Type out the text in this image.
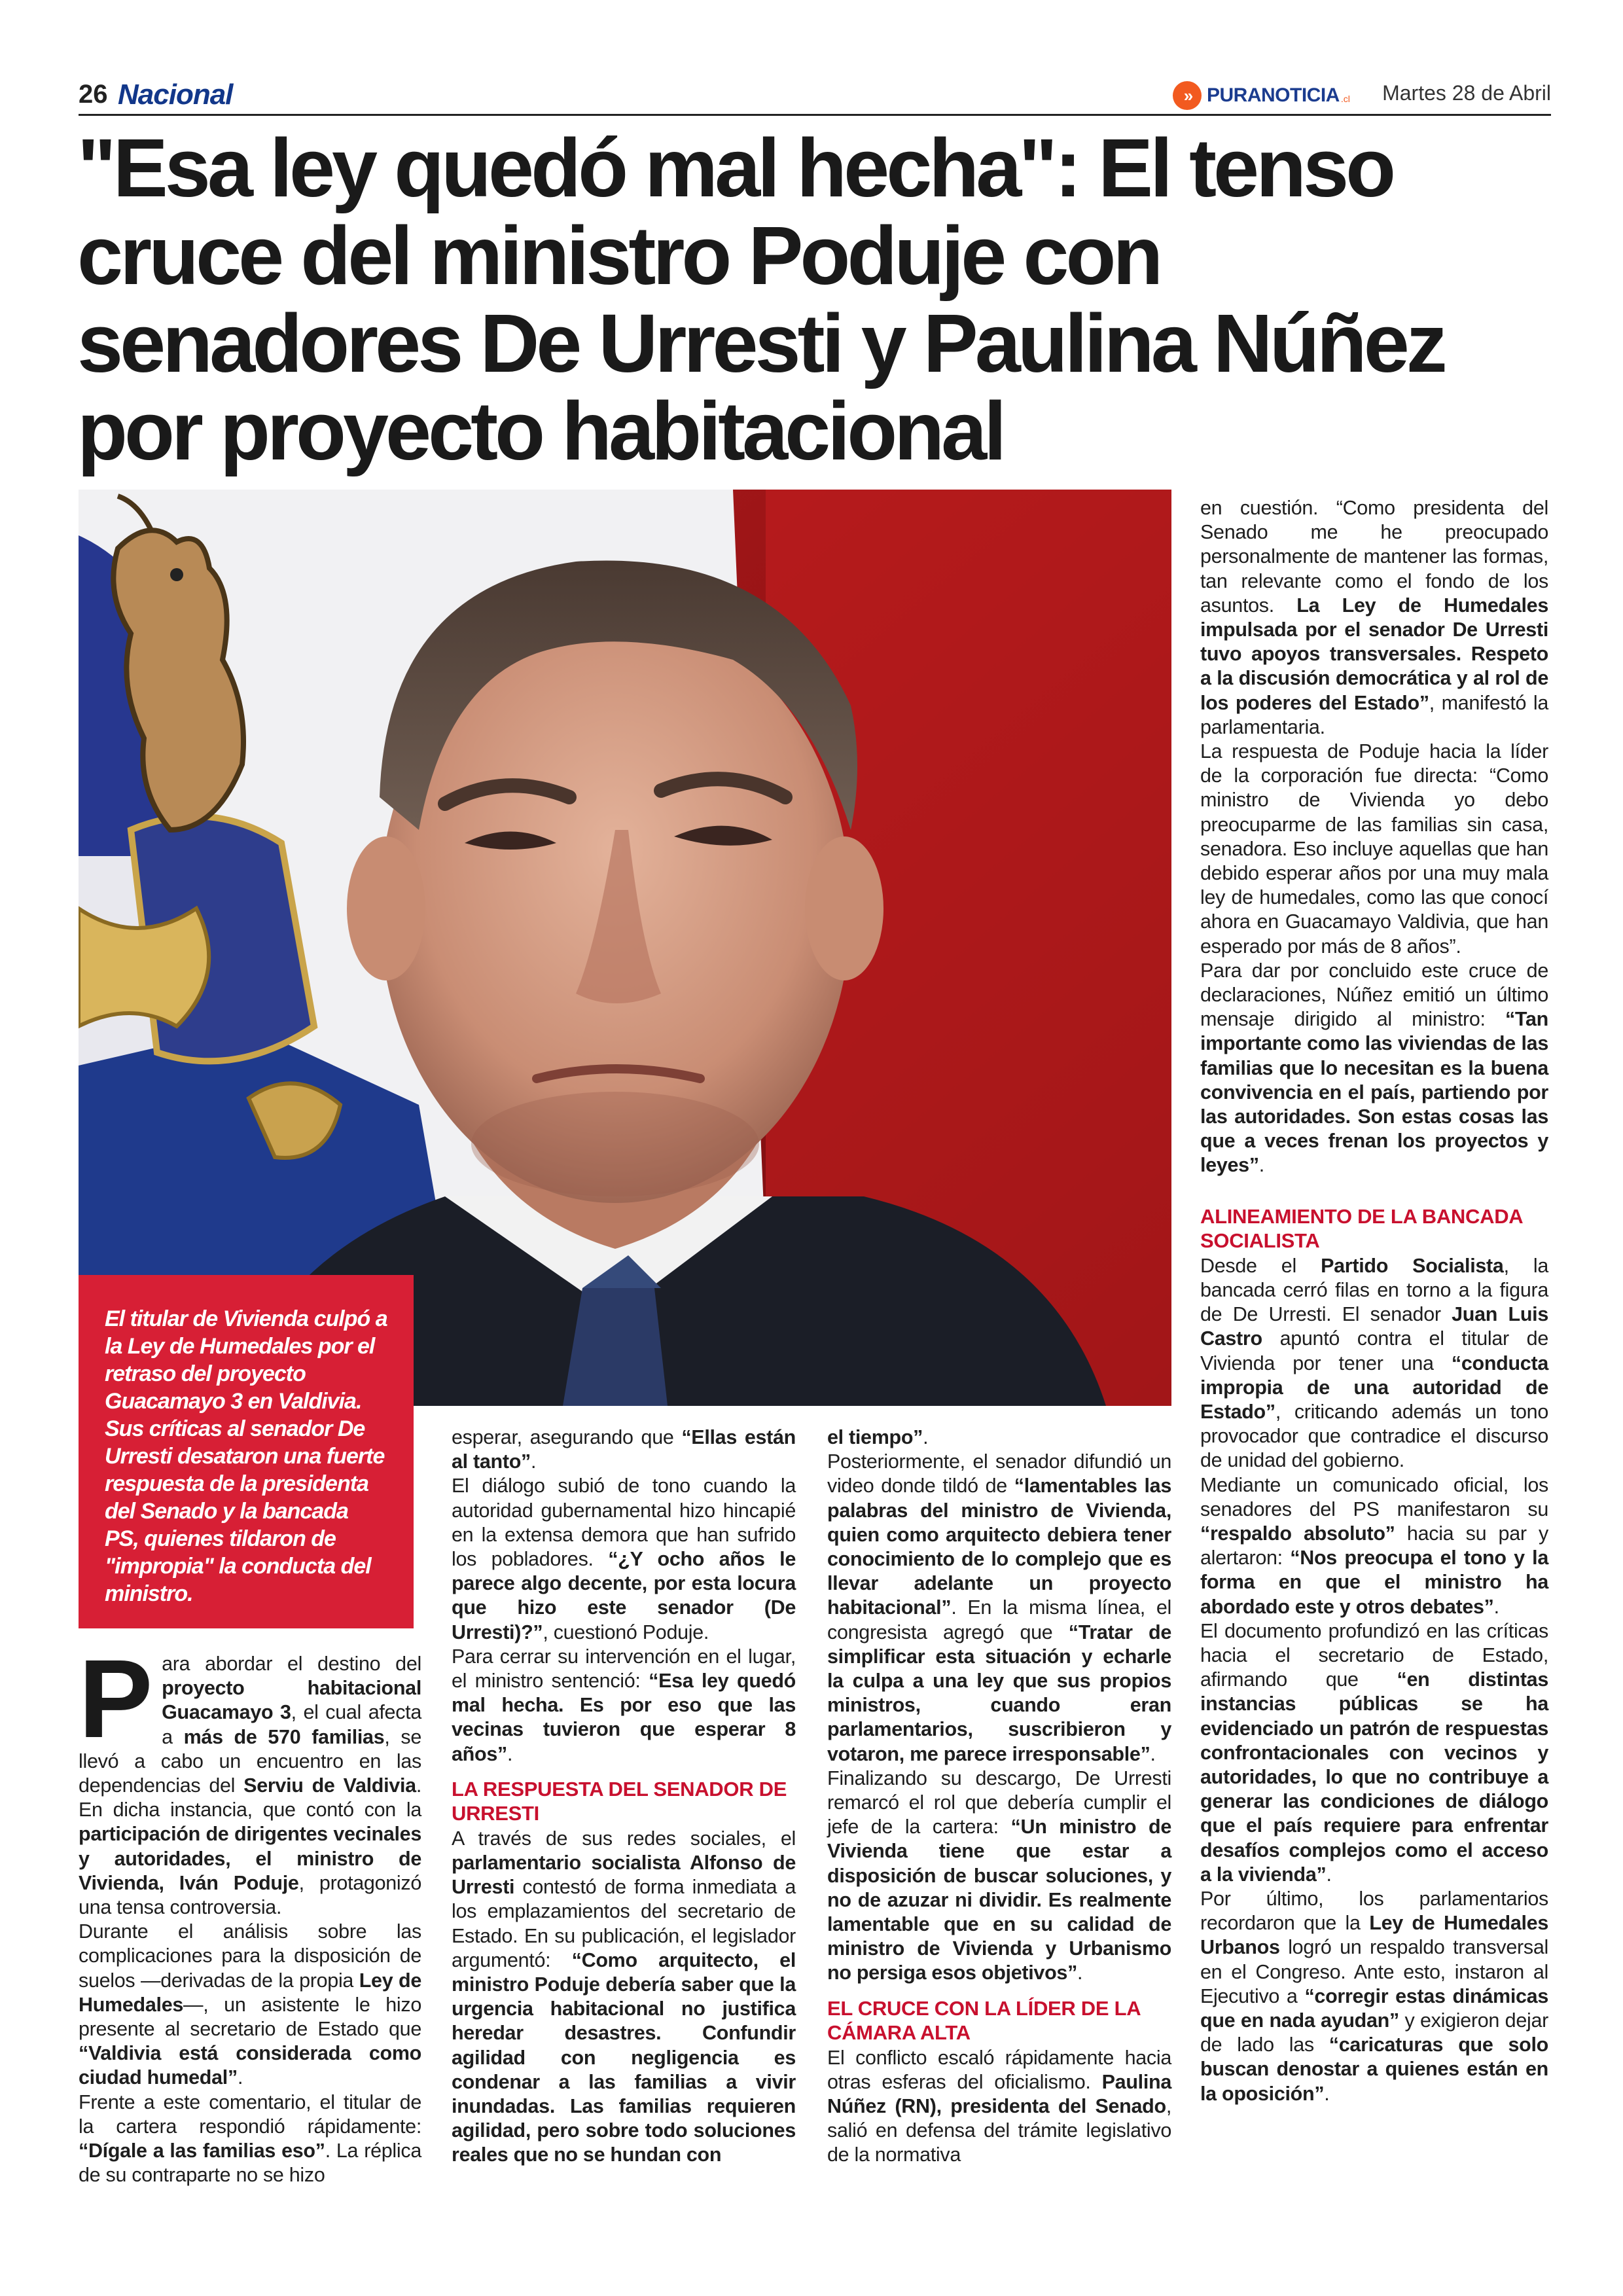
26 Nacional	» PURANOTICIA .cl Martes 28 de Abril
"Esa ley quedó mal hecha": El tenso cruce del ministro Poduje con senadores De Urresti y Paulina Núñez por proyecto habitacional

El titular de Vivienda culpó a la Ley de Humedales por el retraso del proyecto Guacamayo 3 en Valdivia. Sus críticas al senador De Urresti desataron una fuerte respuesta de la presidenta del Senado y la bancada PS, quienes tildaron de "impropia" la conducta del ministro.

Para abordar el destino del proyecto habitacional Guacamayo 3, el cual afecta a más de 570 familias, se llevó a cabo un encuentro en las dependencias del Serviu de Valdivia. En dicha instancia, que contó con la participación de dirigentes vecinales y autoridades, el ministro de Vivienda, Iván Poduje, protagonizó una tensa controversia.

Durante el análisis sobre las complicaciones para la disposición de suelos —derivadas de la propia Ley de Humedales—, un asistente le hizo presente al secretario de Estado que “Valdivia está considerada como ciudad humedal”.

Frente a este comentario, el titular de la cartera respondió rápidamente: “Dígale a las familias eso”. La réplica de su contraparte no se hizo

esperar, asegurando que “Ellas están al tanto”.

El diálogo subió de tono cuando la autoridad gubernamental hizo hincapié en la extensa demora que han sufrido los pobladores. “¿Y ocho años le parece algo decente, por esta locura que hizo este senador (De Urresti)?”, cuestionó Poduje.

Para cerrar su intervención en el lugar, el ministro sentenció: “Esa ley quedó mal hecha. Es por eso que las vecinas tuvieron que esperar 8 años”.

LA RESPUESTA DEL SENADOR DE URRESTI

A través de sus redes sociales, el parlamentario socialista Alfonso de Urresti contestó de forma inmediata a los emplazamientos del secretario de Estado. En su publicación, el legislador argumentó: “Como arquitecto, el ministro Poduje debería saber que la urgencia habitacional no justifica heredar desastres. Confundir agilidad con negligencia es condenar a las familias a vivir inundadas. Las familias requieren agilidad, pero sobre todo soluciones reales que no se hundan con

el tiempo”.

Posteriormente, el senador difundió un video donde tildó de “lamentables las palabras del ministro de Vivienda, quien como arquitecto debiera tener conocimiento de lo complejo que es llevar adelante un proyecto habitacional”. En la misma línea, el congresista agregó que “Tratar de simplificar esta situación y echarle la culpa a una ley que sus propios ministros, cuando eran parlamentarios, suscribieron y votaron, me parece irresponsable”.

Finalizando su descargo, De Urresti remarcó el rol que debería cumplir el jefe de la cartera: “Un ministro de Vivienda tiene que estar a disposición de buscar soluciones, y no de azuzar ni dividir. Es realmente lamentable que en su calidad de ministro de Vivienda y Urbanismo no persiga esos objetivos”.

EL CRUCE CON LA LÍDER DE LA CÁMARA ALTA

El conflicto escaló rápidamente hacia otras esferas del oficialismo. Paulina Núñez (RN), presidenta del Senado, salió en defensa del trámite legislativo de la normativa

en cuestión. “Como presidenta del Senado me he preocupado personalmente de mantener las formas, tan relevante como el fondo de los asuntos. La Ley de Humedales impulsada por el senador De Urresti tuvo apoyos transversales. Respeto a la discusión democrática y al rol de los poderes del Estado”, manifestó la parlamentaria.

La respuesta de Poduje hacia la líder de la corporación fue directa: “Como ministro de Vivienda yo debo preocuparme de las familias sin casa, senadora. Eso incluye aquellas que han debido esperar años por una muy mala ley de humedales, como las que conocí ahora en Guacamayo Valdivia, que han esperado por más de 8 años”.

Para dar por concluido este cruce de declaraciones, Núñez emitió un último mensaje dirigido al ministro: “Tan importante como las viviendas de las familias que lo necesitan es la buena convivencia en el país, partiendo por las autoridades. Son estas cosas las que a veces frenan los proyectos y leyes”.

ALINEAMIENTO DE LA BANCADA SOCIALISTA

Desde el Partido Socialista, la bancada cerró filas en torno a la figura de De Urresti. El senador Juan Luis Castro apuntó contra el titular de Vivienda por tener una “conducta impropia de una autoridad de Estado”, criticando además un tono provocador que contradice el discurso de unidad del gobierno.

Mediante un comunicado oficial, los senadores del PS manifestaron su “respaldo absoluto” hacia su par y alertaron: “Nos preocupa el tono y la forma en que el ministro ha abordado este y otros debates”.

El documento profundizó en las críticas hacia el secretario de Estado, afirmando que “en distintas instancias públicas se ha evidenciado un patrón de respuestas confrontacionales con vecinos y autoridades, lo que no contribuye a generar las condiciones de diálogo que el país requiere para enfrentar desafíos complejos como el acceso a la vivienda”.

Por último, los parlamentarios recordaron que la Ley de Humedales Urbanos logró un respaldo transversal en el Congreso. Ante esto, instaron al Ejecutivo a “corregir estas dinámicas que en nada ayudan” y exigieron dejar de lado las “caricaturas que solo buscan denostar a quienes están en la oposición”.
